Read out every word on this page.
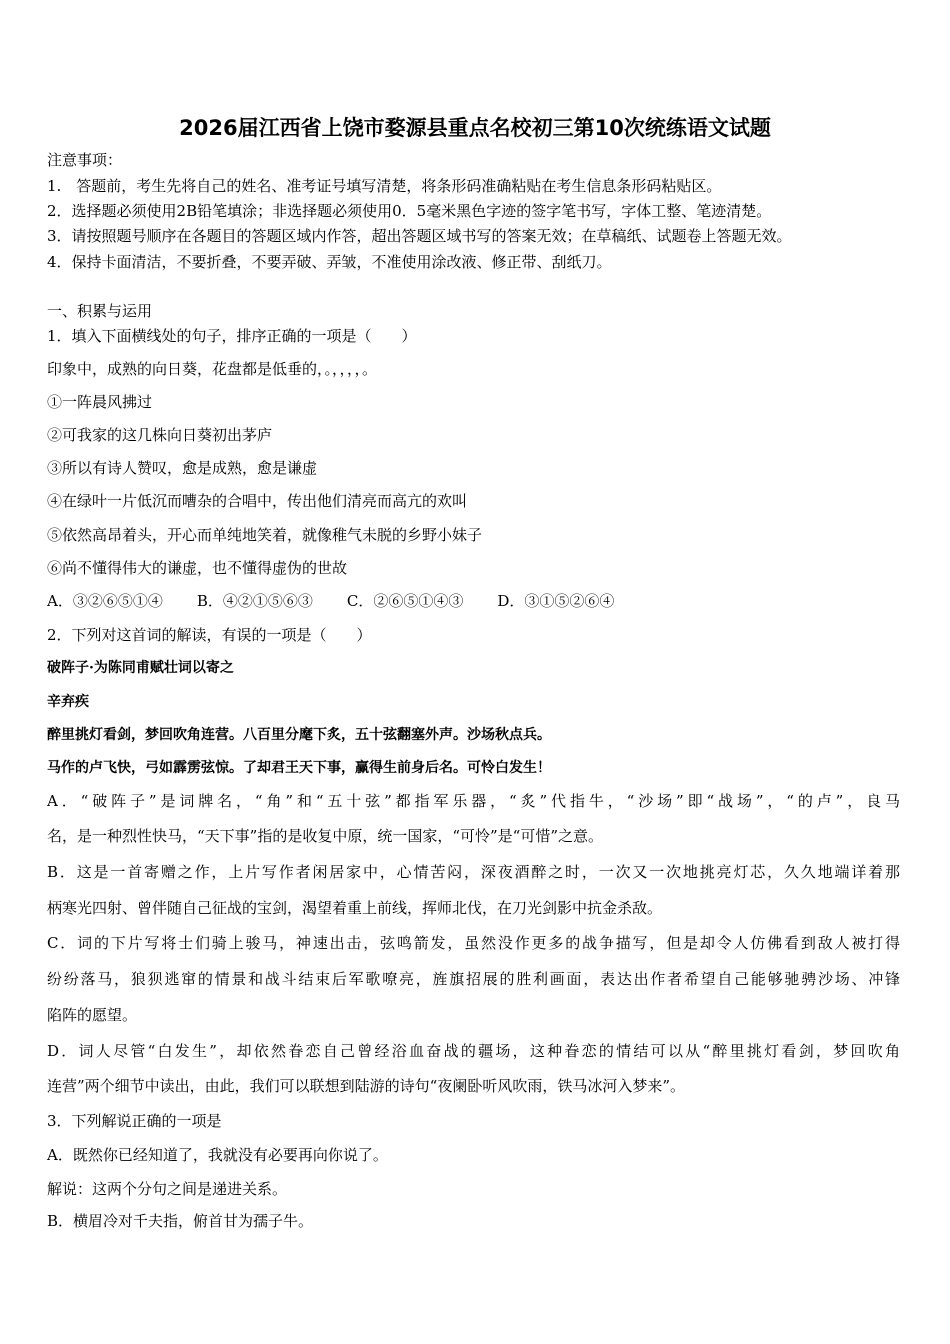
2026届江西省上饶市婺源县重点名校初三第10次统练语文试题
注意事项：
1.　答题前，考生先将自己的姓名、准考证号填写清楚，将条形码准确粘贴在考生信息条形码粘贴区。
2．选择题必须使用2B铅笔填涂；非选择题必须使用0．5毫米黑色字迹的签字笔书写，字体工整、笔迹清楚。
3．请按照题号顺序在各题目的答题区域内作答，超出答题区域书写的答案无效；在草稿纸、试题卷上答题无效。
4．保持卡面清洁，不要折叠，不要弄破、弄皱，不准使用涂改液、修正带、刮纸刀。
一、积累与运用
1．填入下面横线处的句子，排序正确的一项是（　　）
印象中，成熟的向日葵，花盘都是低垂的，。，，，，。
①一阵晨风拂过
②可我家的这几株向日葵初出茅庐
③所以有诗人赞叹，愈是成熟，愈是谦虚
④在绿叶一片低沉而嘈杂的合唱中，传出他们清亮而高亢的欢叫
⑤依然高昂着头，开心而单纯地笑着，就像稚气未脱的乡野小妹子
⑥尚不懂得伟大的谦虚，也不懂得虚伪的世故
A．③②⑥⑤①④ B．④②①⑤⑥③ C．②⑥⑤①④③ D．③①⑤②⑥④
2．下列对这首词的解读，有误的一项是（　　）
破阵子·为陈同甫赋壮词以寄之
辛弃疾
醉里挑灯看剑，梦回吹角连营。八百里分麾下炙，五十弦翻塞外声。沙场秋点兵。
马作的卢飞快，弓如霹雳弦惊。了却君王天下事，赢得生前身后名。可怜白发生！
A．“破阵子”是词牌名，“角”和“五十弦”都指军乐器，“炙”代指牛，“沙场”即“战场”，“的卢”，良马
名，是一种烈性快马，“天下事”指的是收复中原，统一国家，“可怜”是“可惜”之意。
B．这是一首寄赠之作，上片写作者闲居家中，心情苦闷，深夜酒醉之时，一次又一次地挑亮灯芯，久久地端详着那
柄寒光四射、曾伴随自己征战的宝剑，渴望着重上前线，挥师北伐，在刀光剑影中抗金杀敌。
C．词的下片写将士们骑上骏马，神速出击，弦鸣箭发，虽然没作更多的战争描写，但是却令人仿佛看到敌人被打得
纷纷落马，狼狈逃窜的情景和战斗结束后军歌嘹亮，旌旗招展的胜利画面，表达出作者希望自己能够驰骋沙场、冲锋
陷阵的愿望。
D．词人尽管“白发生”，却依然眷恋自己曾经浴血奋战的疆场，这种眷恋的情结可以从“醉里挑灯看剑，梦回吹角
连营”两个细节中读出，由此，我们可以联想到陆游的诗句“夜阑卧听风吹雨，铁马冰河入梦来”。
3．下列解说正确的一项是
A．既然你已经知道了，我就没有必要再向你说了。
解说：这两个分句之间是递进关系。
B．横眉冷对千夫指，俯首甘为孺子牛。
